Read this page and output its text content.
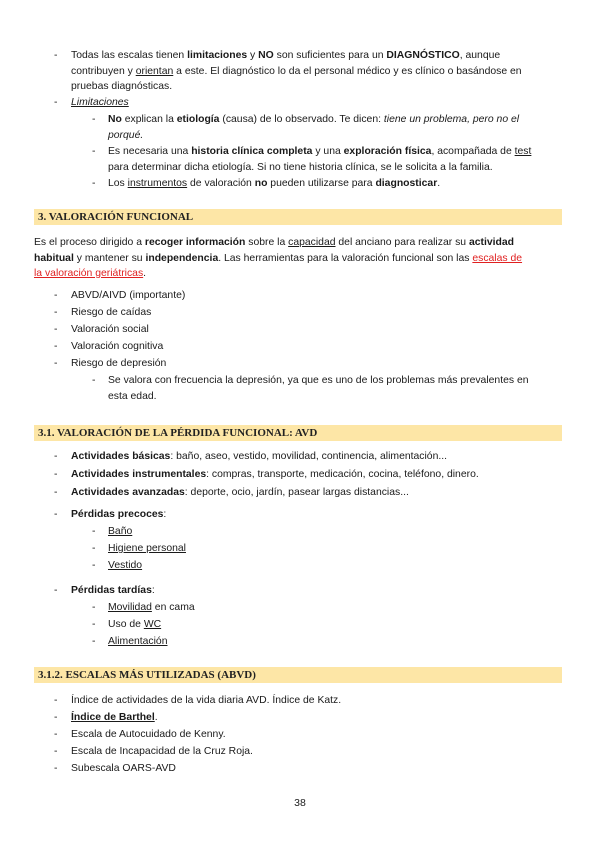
- Todas las escalas tienen limitaciones y NO son suficientes para un DIAGNÓSTICO, aunque
contribuyen y orientan a este. El diagnóstico lo da el personal médico y es clínico o basándose en
pruebas diagnósticas.
- Limitaciones
- No explican la etiología (causa) de lo observado. Te dicen: tiene un problema, pero no el
porqué.
- Es necesaria una historia clínica completa y una exploración física, acompañada de test
para determinar dicha etiología. Si no tiene historia clínica, se le solicita a la familia.
- Los instrumentos de valoración no pueden utilizarse para diagnosticar.
3. VALORACIÓN FUNCIONAL
Es el proceso dirigido a recoger información sobre la capacidad del anciano para realizar su actividad
habitual y mantener su independencia. Las herramientas para la valoración funcional son las escalas de
la valoración geriátricas.
- ABVD/AIVD (importante)
- Riesgo de caídas
- Valoración social
- Valoración cognitiva
- Riesgo de depresión
- Se valora con frecuencia la depresión, ya que es uno de los problemas más prevalentes en
esta edad.
3.1. VALORACIÓN DE LA PÉRDIDA FUNCIONAL: AVD
- Actividades básicas: baño, aseo, vestido, movilidad, continencia, alimentación...
- Actividades instrumentales: compras, transporte, medicación, cocina, teléfono, dinero.
- Actividades avanzadas: deporte, ocio, jardín, pasear largas distancias...
- Pérdidas precoces:
- Baño
- Higiene personal
- Vestido
- Pérdidas tardías:
- Movilidad en cama
- Uso de WC
- Alimentación
3.1.2. ESCALAS MÁS UTILIZADAS (ABVD)
- Índice de actividades de la vida diaria AVD. Índice de Katz.
- Índice de Barthel.
- Escala de Autocuidado de Kenny.
- Escala de Incapacidad de la Cruz Roja.
- Subescala OARS-AVD
38
